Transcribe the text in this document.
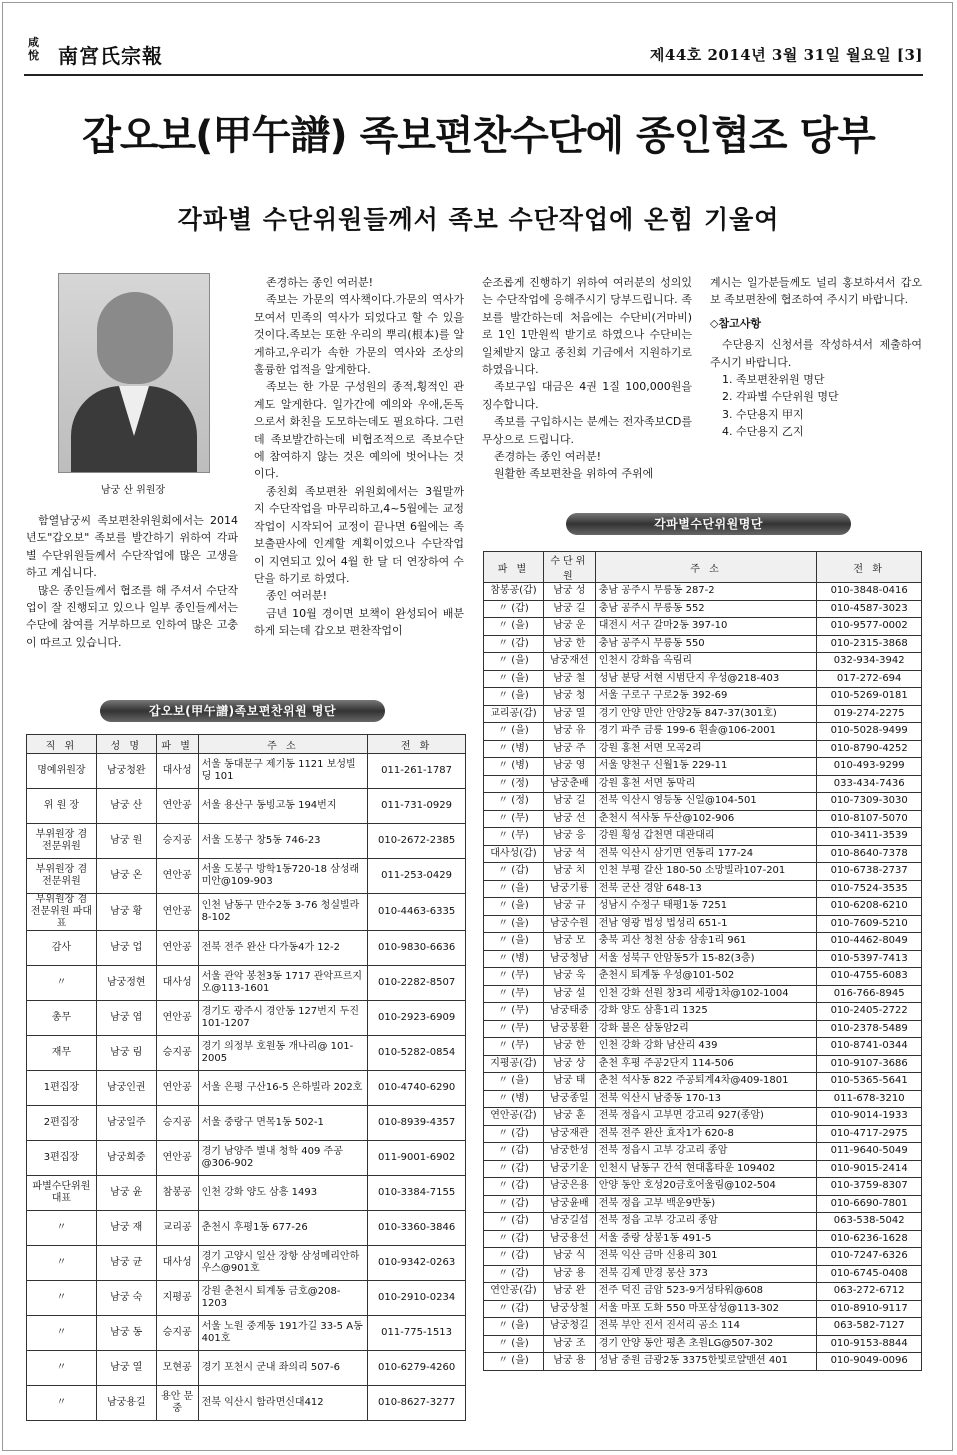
咸悅 南宮氏宗報	제44호 2014년 3월 31일 월요일 [3]
갑오보(甲午譜) 족보편찬수단에 종인협조 당부
각파별 수단위원들께서 족보 수단작업에 온힘 기울여
남궁 산 위원장

함열남궁씨 족보편찬위원회에서는 2014년도"갑오보" 족보를 발간하기 위하여 각파별 수단위원들께서 수단작업에 많은 고생을 하고 계십니다.

많은 종인들께서 협조를 해 주셔서 수단작업이 잘 진행되고 있으나 일부 종인들께서는 수단에 참여를 거부하므로 인하여 많은 고충이 따르고 있습니다.

존경하는 종인 여러분!

족보는 가문의 역사책이다.가문의 역사가 모여서 민족의 역사가 되었다고 할 수 있을 것이다.족보는 또한 우리의 뿌리(根本)를 알게하고,우리가 속한 가문의 역사와 조상의 훌륭한 업적을 알게한다.

족보는 한 가문 구성원의 종적,횡적인 관계도 알게한다. 일가간에 예의와 우애,돈독으로서 화친을 도모하는데도 필요하다. 그런데 족보발간하는데 비협조적으로 족보수단에 참여하지 않는 것은 예의에 벗어나는 것이다.

종친회 족보편찬 위원회에서는 3월말까지 수단작업을 마무리하고,4~5월에는 교정작업이 시작되어 교정이 끝나면 6월에는 족보출판사에 인계할 계획이었으나 수단작업이 지연되고 있어 4월 한 달 더 연장하여 수단을 하기로 하였다.

종인 여러분!

금년 10월 경이면 보책이 완성되어 배분하게 되는데 갑오보 편찬작업이

순조롭게 진행하기 위하여 여러분의 성의있는 수단작업에 응해주시기 당부드립니다. 족보를 발간하는데 처음에는 수단비(거마비)로 1인 1만원씩 받기로 하였으나 수단비는 일체받지 않고 종친회 기금에서 지원하기로 하였읍니다.

족보구입 대금은 4권 1질 100,000원을 징수합니다.

족보를 구입하시는 분께는 전자족보CD를 무상으로 드립니다.

존경하는 종인 여러분!

원활한 족보편찬을 위하여 주위에

계시는 일가분들께도 널리 홍보하셔서 갑오보 족보편찬에 협조하여 주시기 바랍니다.

◇참고사항

수단용지 신청서를 작성하셔서 제출하여 주시기 바랍니다.

1. 족보편찬위원 명단

2. 각파별 수단위원 명단

3. 수단용지 甲지

4. 수단용지 乙지

갑오보(甲午譜)족보편찬위원 명단
각파별수단위원명단
직 위	성 명	파 별	주 소	전 화
명예위원장	남궁청완	대사성	서울 동대문구 제기동 1121 보성빌딩 101	011-261-1787
위 원 장	남궁 산	연안공	서울 용산구 동빙고동 194번지	011-731-0929
부위원장 겸 전문위원	남궁 원	승지공	서울 도봉구 창5동 746-23	010-2672-2385
부위원장 겸 전문위원	남궁 온	연안공	서울 도봉구 방학1동720-18 삼성래미안@109-903	011-253-0429
부위원장 겸 전문위원 파대표	남궁 황	연안공	인천 남동구 만수2동 3-76 청실빌라 8-102	010-4463-6335
감사	남궁 업	연안공	전북 전주 완산 다가동4가 12-2	010-9830-6636
〃	남궁정현	대사성	서울 관악 봉천3동 1717 관악프르지오@113-1601	010-2282-8507
총무	남궁 엽	연안공	경기도 광주시 경안동 127번지 두진101-1207	010-2923-6909
재무	남궁 림	승지공	경기 의정부 호원동 개나리@ 101-2005	010-5282-0854
1편집장	남궁인권	연안공	서울 은평 구산16-5 은하빌라 202호	010-4740-6290
2편집장	남궁일주	승지공	서울 중랑구 면목1동 502-1	010-8939-4357
3편집장	남궁희중	연안공	경기 남양주 별내 청학 409 주공@306-902	011-9001-6902
파별수단위원 대표	남궁 윤	참봉공	인천 강화 양도 삼흥 1493	010-3384-7155
〃	남궁 재	교리공	춘천시 후평1동 677-26	010-3360-3846
〃	남궁 균	대사성	경기 고양시 일산 장항 삼성메리안하우스@901호	010-9342-0263
〃	남궁 숙	지평공	강원 춘천시 퇴계동 금호@208-1203	010-2910-0234
〃	남궁 동	승지공	서울 노원 중계동 191가길 33-5 A동 401호	011-775-1513
〃	남궁 열	모현공	경기 포천시 군내 좌의리 507-6	010-6279-4260
〃	남궁용길	용안 문중	전북 익산시 함라면신대412	010-8627-3277
파 별	수단위원	주 소	전 화
참봉공(갑)	남궁 성	충남 공주시 무릉동 287-2	010-3848-0416
〃 (갑)	남궁 길	충남 공주시 무릉동 552	010-4587-3023
〃 (을)	남궁 운	대전시 서구 갈마2동 397-10	010-9577-0002
〃 (갑)	남궁 한	충남 공주시 무릉동 550	010-2315-3868
〃 (을)	남궁재선	인천시 강화읍 옥림리	032-934-3942
〃 (을)	남궁 철	성남 분당 서현 시범단지 우성@218-403	017-272-694
〃 (을)	남궁 청	서울 구로구 구로2동 392-69	010-5269-0181
교리공(갑)	남궁 열	경기 안양 만안 안양2동 847-37(301호)	019-274-2275
〃 (을)	남궁 유	경기 파주 금릉 199-6 휜솔@106-2001	010-5028-9499
〃 (병)	남궁 주	강원 홍천 서면 모곡2리	010-8790-4252
〃 (병)	남궁 영	서울 양천구 신월1동 229-11	010-493-9299
〃 (정)	남궁춘배	강원 홍천 서면 동막리	033-434-7436
〃 (정)	남궁 길	전북 익산시 영등동 신일@104-501	010-7309-3030
〃 (무)	남궁 선	춘천시 석사동 두산@102-906	010-8107-5070
〃 (무)	남궁 응	강원 횡성 갑천면 대관대리	010-3411-3539
대사성(갑)	남궁 석	전북 익산시 삼기면 연동리 177-24	010-8640-7378
〃 (갑)	남궁 치	인천 부평 갈산 180-50 소망빌라107-201	010-6738-2737
〃 (을)	남궁기룡	전북 군산 경암 648-13	010-7524-3535
〃 (을)	남궁 규	성남시 수정구 태평1동 7251	010-6208-6210
〃 (을)	남궁수원	전남 영광 법성 법성리 651-1	010-7609-5210
〃 (을)	남궁 모	충북 괴산 청천 삼송 삼송1리 961	010-4462-8049
〃 (병)	남궁청남	서울 성북구 안암동5가 15-82(3층)	010-5397-7413
〃 (무)	남궁 욱	춘천시 퇴계동 우성@101-502	010-4755-6083
〃 (무)	남궁 설	인천 강화 선원 창3리 세광1차@102-1004	016-766-8945
〃 (무)	남궁태중	강화 양도 삼흥1리 1325	010-2405-2722
〃 (무)	남궁봉환	강화 불은 삼동암2리	010-2378-5489
〃 (무)	남궁 한	인천 강화 강화 남산리 439	010-8741-0344
지평공(갑)	남궁 상	춘천 후평 주공2단지 114-506	010-9107-3686
〃 (을)	남궁 태	춘천 석사동 822 주공퇴계4차@409-1801	010-5365-5641
〃 (병)	남궁종일	전북 익산시 남중동 170-13	011-678-3210
연안공(갑)	남궁 훈	전북 정읍시 고부면 강고리 927(종암)	010-9014-1933
〃 (갑)	남궁재관	전북 전주 완산 효자1가 620-8	010-4717-2975
〃 (갑)	남궁한성	전북 정읍시 고부 강고리 종암	011-9640-5049
〃 (갑)	남궁기운	인천시 남동구 간석 현대홈타운 109402	010-9015-2414
〃 (갑)	남궁은용	안양 동안 호성20금호어울림@102-504	010-3759-8307
〃 (갑)	남궁윤배	전북 정읍 고부 백운9반동)	010-6690-7801
〃 (갑)	남궁길섭	전북 정읍 고부 강고리 종암	063-538-5042
〃 (갑)	남궁용선	서울 중랑 상봉1동 491-5	010-6236-1628
〃 (갑)	남궁 식	전북 익산 금마 신용리 301	010-7247-6326
〃 (갑)	남궁 용	전북 김제 만경 몽산 373	010-6745-0408
연안공(갑)	남궁 완	전주 덕진 금암 523-9거성타워@608	063-272-6712
〃 (갑)	남궁상철	서울 마포 도화 550 마포삼성@113-302	010-8910-9117
〃 (을)	남궁청길	전북 부안 진서 진서리 곰소 114	063-582-7127
〃 (을)	남궁 조	경기 안양 동안 평촌 초원LG@507-302	010-9153-8844
〃 (을)	남궁 용	성남 중원 금광2동 3375한빛로얄맨션 401	010-9049-0096
